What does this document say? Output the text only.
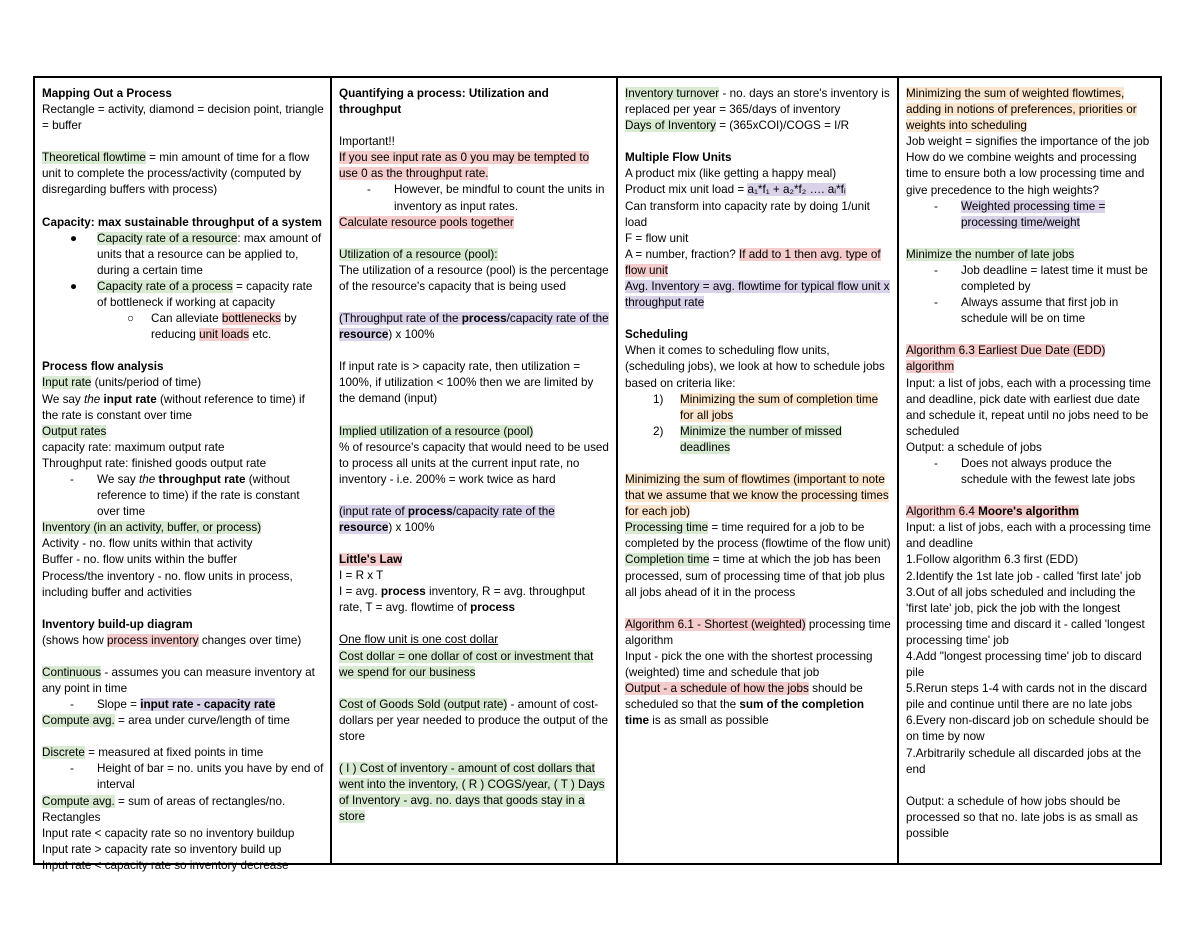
Mapping Out a Process
Rectangle = activity, diamond = decision point, triangle = buffer
Theoretical flowtime = min amount of time for a flow unit to complete the process/activity (computed by disregarding buffers with process)
Capacity: max sustainable throughput of a system
● Capacity rate of a resource: max amount of units that a resource can be applied to, during a certain time
● Capacity rate of a process = capacity rate of bottleneck if working at capacity
○ Can alleviate bottlenecks by reducing unit loads etc.
Process flow analysis
Input rate (units/period of time)
We say the input rate (without reference to time) if the rate is constant over time
Output rates
capacity rate: maximum output rate
Throughput rate: finished goods output rate
- We say the throughput rate (without reference to time) if the rate is constant over time
Inventory (in an activity, buffer, or process)
Activity - no. flow units within that activity
Buffer - no. flow units within the buffer
Process/the inventory - no. flow units in process, including buffer and activities
Inventory build-up diagram
(shows how process inventory changes over time)
Continuous - assumes you can measure inventory at any point in time
- Slope = input rate - capacity rate
Compute avg. = area under curve/length of time
Discrete = measured at fixed points in time
- Height of bar = no. units you have by end of interval
Compute avg. = sum of areas of rectangles/no. Rectangles
Input rate < capacity rate so no inventory buildup
Input rate > capacity rate so inventory build up
Input rate < capacity rate so inventory decrease
Quantifying a process: Utilization and throughput
Important!!
If you see input rate as 0 you may be tempted to use 0 as the throughput rate.
- However, be mindful to count the units in inventory as input rates.
Calculate resource pools together
Utilization of a resource (pool):
The utilization of a resource (pool) is the percentage of the resource's capacity that is being used
(Throughput rate of the process/capacity rate of the resource) x 100%
If input rate is > capacity rate, then utilization = 100%, if utilization < 100% then we are limited by the demand (input)
Implied utilization of a resource (pool)
% of resource's capacity that would need to be used to process all units at the current input rate, no inventory - i.e. 200% = work twice as hard
(input rate of process/capacity rate of the resource) x 100%
Little's Law
I = R x T
I = avg. process inventory, R = avg. throughput rate, T = avg. flowtime of process
One flow unit is one cost dollar
Cost dollar = one dollar of cost or investment that we spend for our business
Cost of Goods Sold (output rate) - amount of cost-dollars per year needed to produce the output of the store
( I ) Cost of inventory - amount of cost dollars that went into the inventory, ( R ) COGS/year, ( T ) Days of Inventory - avg. no. days that goods stay in a store
Inventory turnover - no. days an store's inventory is replaced per year = 365/days of inventory
Days of Inventory = (365xCOI)/COGS = I/R
Multiple Flow Units
A product mix (like getting a happy meal)
Product mix unit load = a₁*f₁ + a₂*f₂ …. aᵢ*fᵢ
Can transform into capacity rate by doing 1/unit load
F = flow unit
A = number, fraction? If add to 1 then avg. type of flow unit
Avg. Inventory = avg. flowtime for typical flow unit x throughput rate
Scheduling
When it comes to scheduling flow units, (scheduling jobs), we look at how to schedule jobs based on criteria like:
1) Minimizing the sum of completion time for all jobs
2) Minimize the number of missed deadlines
Minimizing the sum of flowtimes (important to note that we assume that we know the processing times for each job)
Processing time = time required for a job to be completed by the process (flowtime of the flow unit)
Completion time = time at which the job has been processed, sum of processing time of that job plus all jobs ahead of it in the process
Algorithm 6.1 - Shortest (weighted) processing time algorithm
Input - pick the one with the shortest processing (weighted) time and schedule that job
Output - a schedule of how the jobs should be scheduled so that the sum of the completion time is as small as possible
Minimizing the sum of weighted flowtimes, adding in notions of preferences, priorities or weights into scheduling
Job weight = signifies the importance of the job
How do we combine weights and processing time to ensure both a low processing time and give precedence to the high weights?
- Weighted processing time = processing time/weight
Minimize the number of late jobs
- Job deadline = latest time it must be completed by
- Always assume that first job in schedule will be on time
Algorithm 6.3 Earliest Due Date (EDD) algorithm
Input: a list of jobs, each with a processing time and deadline, pick date with earliest due date and schedule it, repeat until no jobs need to be scheduled
Output: a schedule of jobs
- Does not always produce the schedule with the fewest late jobs
Algorithm 6.4 Moore's algorithm
Input: a list of jobs, each with a processing time and deadline
1.Follow algorithm 6.3 first (EDD)
2.Identify the 1st late job - called 'first late' job
3.Out of all jobs scheduled and including the 'first late' job, pick the job with the longest processing time and discard it - called 'longest processing time' job
4.Add "longest processing time' job to discard pile
5.Rerun steps 1-4 with cards not in the discard pile and continue until there are no late jobs
6.Every non-discard job on schedule should be on time by now
7.Arbitrarily schedule all discarded jobs at the end
Output: a schedule of how jobs should be processed so that no. late jobs is as small as possible
